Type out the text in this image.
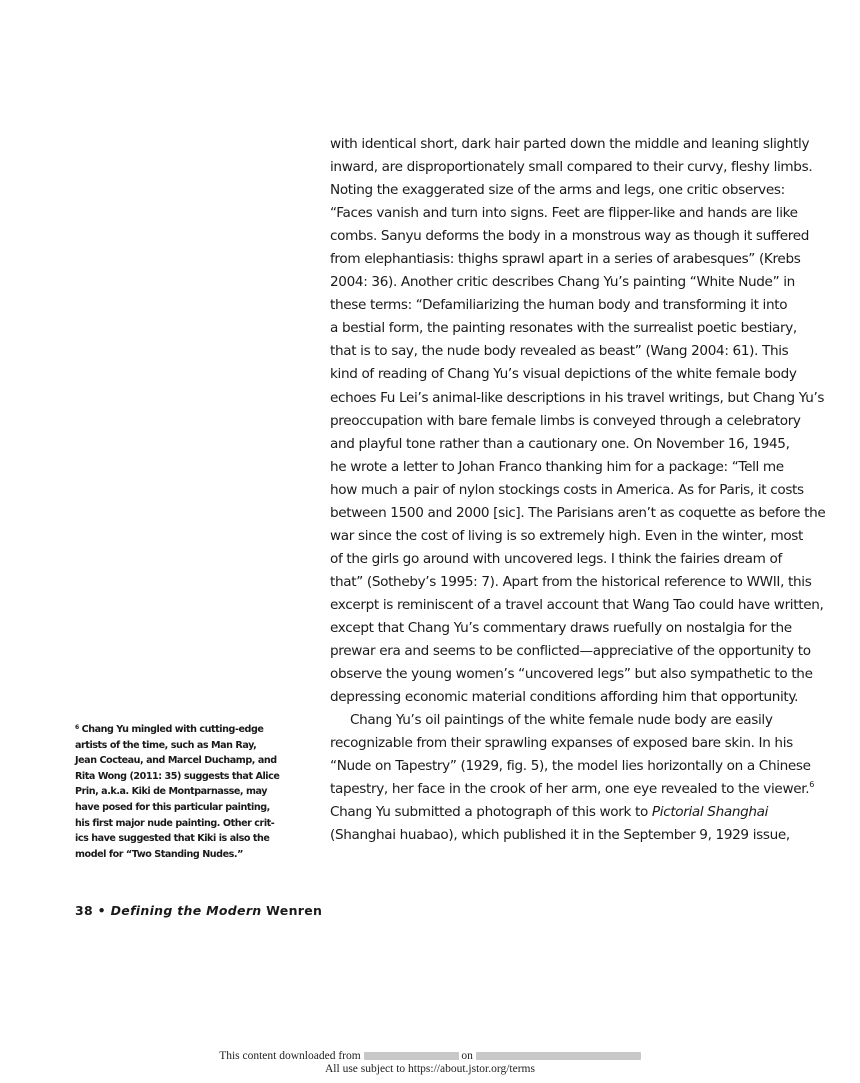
with identical short, dark hair parted down the middle and leaning slightly
inward, are disproportionately small compared to their curvy, fleshy limbs.
Noting the exaggerated size of the arms and legs, one critic observes:
“Faces vanish and turn into signs. Feet are flipper-like and hands are like
combs. Sanyu deforms the body in a monstrous way as though it suffered
from elephantiasis: thighs sprawl apart in a series of arabesques” (Krebs
2004: 36). Another critic describes Chang Yu’s painting “White Nude” in
these terms: “Defamiliarizing the human body and transforming it into
a bestial form, the painting resonates with the surrealist poetic bestiary,
that is to say, the nude body revealed as beast” (Wang 2004: 61). This
kind of reading of Chang Yu’s visual depictions of the white female body
echoes Fu Lei’s animal-like descriptions in his travel writings, but Chang Yu’s
preoccupation with bare female limbs is conveyed through a celebratory
and playful tone rather than a cautionary one. On November 16, 1945,
he wrote a letter to Johan Franco thanking him for a package: “Tell me
how much a pair of nylon stockings costs in America. As for Paris, it costs
between 1500 and 2000 [sic]. The Parisians aren’t as coquette as before the
war since the cost of living is so extremely high. Even in the winter, most
of the girls go around with uncovered legs. I think the fairies dream of
that” (Sotheby’s 1995: 7). Apart from the historical reference to WWII, this
excerpt is reminiscent of a travel account that Wang Tao could have written,
except that Chang Yu’s commentary draws ruefully on nostalgia for the
prewar era and seems to be conflicted—appreciative of the opportunity to
observe the young women’s “uncovered legs” but also sympathetic to the
depressing economic material conditions affording him that opportunity.
Chang Yu’s oil paintings of the white female nude body are easily
recognizable from their sprawling expanses of exposed bare skin. In his
“Nude on Tapestry” (1929, fig. 5), the model lies horizontally on a Chinese
tapestry, her face in the crook of her arm, one eye revealed to the viewer.$^6$
Chang Yu submitted a photograph of this work to Pictorial Shanghai
(Shanghai huabao), which published it in the September 9, 1929 issue,
$^6$ Chang Yu mingled with cutting-edge
artists of the time, such as Man Ray,
Jean Cocteau, and Marcel Duchamp, and
Rita Wong (2011: 35) suggests that Alice
Prin, a.k.a. Kiki de Montparnasse, may
have posed for this particular painting,
his first major nude painting. Other crit-
ics have suggested that Kiki is also the
model for “Two Standing Nudes.”
38 • Defining the Modern Wenren
This content downloaded from	on
All use subject to https://about.jstor.org/terms
